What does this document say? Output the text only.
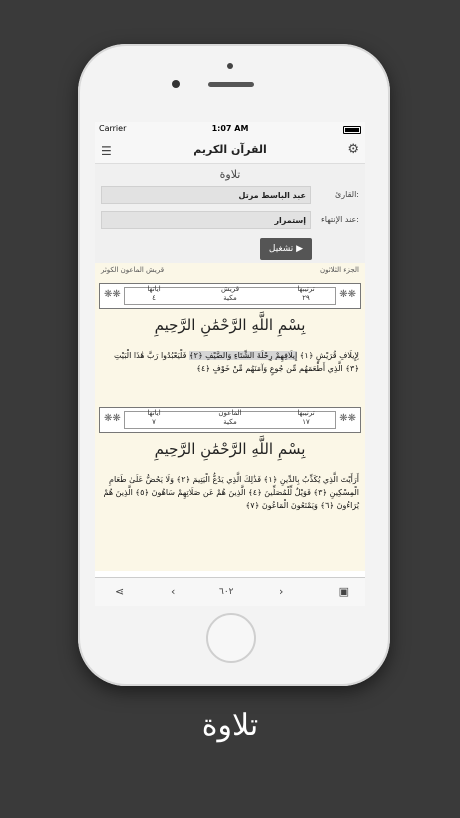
Carrier	1:07 AM
☰	القرآن الكريم	⚙
تلاوة
القارئ:
عبد الباسط مرتل
عند الإنتهاء:
إستمرار
تشغيل ▶
الجزء الثلاثون
قريش الماعون الكوثر
❋❋	❋❋
ترتيبها
٢٩
قريش
مكية
اياتها
٤
بِسْمِ اللَّهِ الرَّحْمَٰنِ الرَّحِيمِ
لِإِيلَافِ قُرَيْشٍ ﴿١﴾ إِيلَافِهِمْ رِحْلَةَ الشِّتَاءِ وَالصَّيْفِ ﴿٢﴾ فَلْيَعْبُدُوا رَبَّ هَٰذَا الْبَيْتِ ﴿٣﴾ الَّذِي أَطْعَمَهُم مِّن جُوعٍ وَآمَنَهُم مِّنْ خَوْفٍ ﴿٤﴾
❋❋	❋❋
ترتيبها
١٧
الماعون
مكية
اياتها
٧
بِسْمِ اللَّهِ الرَّحْمَٰنِ الرَّحِيمِ
أَرَأَيْتَ الَّذِي يُكَذِّبُ بِالدِّينِ ﴿١﴾ فَذَٰلِكَ الَّذِي يَدُعُّ الْيَتِيمَ ﴿٢﴾ وَلَا يَحُضُّ عَلَىٰ طَعَامِ الْمِسْكِينِ ﴿٣﴾ فَوَيْلٌ لِّلْمُصَلِّينَ ﴿٤﴾ الَّذِينَ هُمْ عَن صَلَاتِهِمْ سَاهُونَ ﴿٥﴾ الَّذِينَ هُمْ يُرَاءُونَ ﴿٦﴾ وَيَمْنَعُونَ الْمَاعُونَ ﴿٧﴾
⋖	‹	٦٠٢	›	▣
تلاوة
